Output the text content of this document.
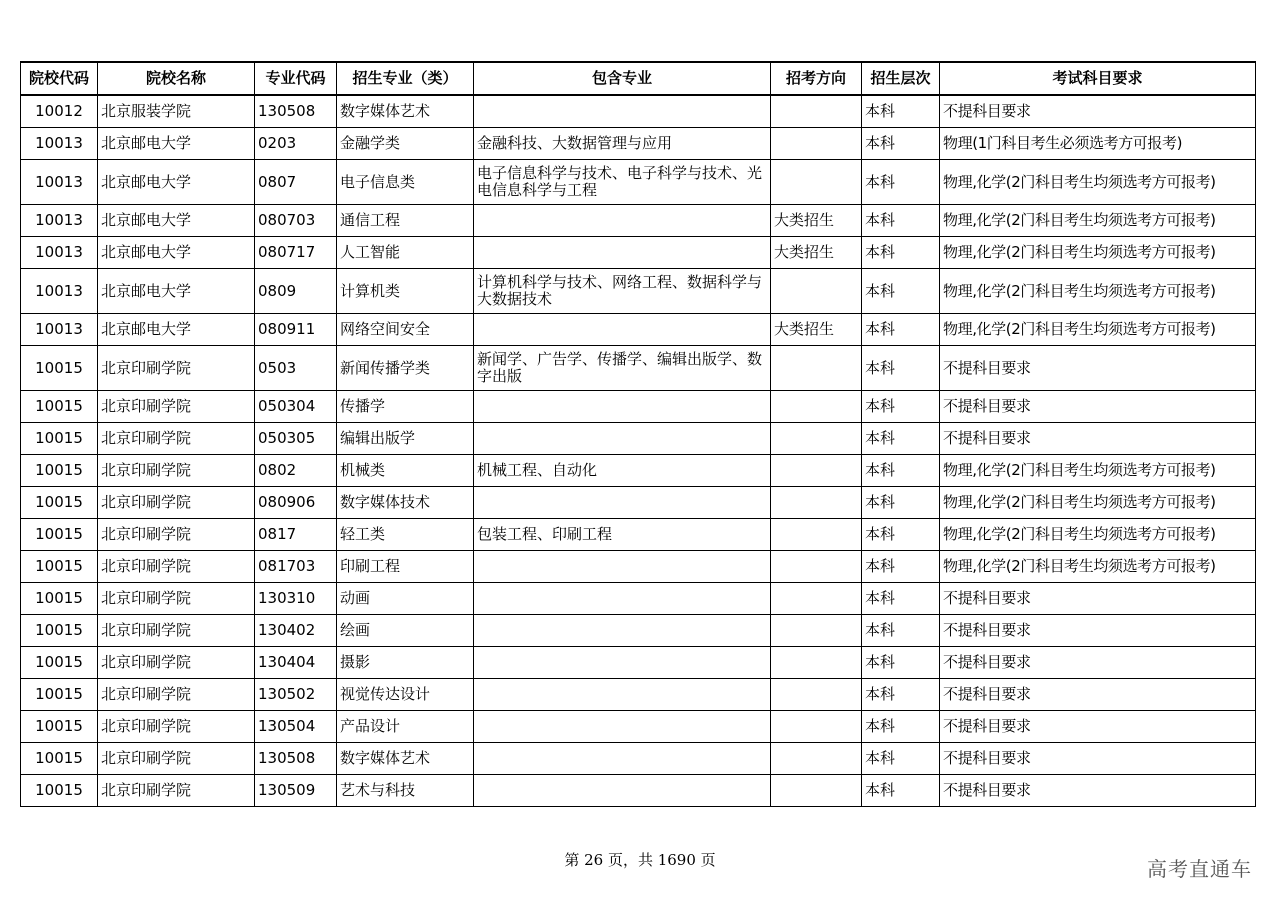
院校代码	院校名称	专业代码	招生专业（类）	包含专业	招考方向	招生层次	考试科目要求
10012	北京服装学院	130508	数字媒体艺术			本科	不提科目要求
10013	北京邮电大学	0203	金融学类	金融科技、大数据管理与应用		本科	物理(1门科目考生必须选考方可报考)
10013	北京邮电大学	0807	电子信息类	电子信息科学与技术、电子科学与技术、光电信息科学与工程		本科	物理,化学(2门科目考生均须选考方可报考)
10013	北京邮电大学	080703	通信工程		大类招生	本科	物理,化学(2门科目考生均须选考方可报考)
10013	北京邮电大学	080717	人工智能		大类招生	本科	物理,化学(2门科目考生均须选考方可报考)
10013	北京邮电大学	0809	计算机类	计算机科学与技术、网络工程、数据科学与大数据技术		本科	物理,化学(2门科目考生均须选考方可报考)
10013	北京邮电大学	080911	网络空间安全		大类招生	本科	物理,化学(2门科目考生均须选考方可报考)
10015	北京印刷学院	0503	新闻传播学类	新闻学、广告学、传播学、编辑出版学、数字出版		本科	不提科目要求
10015	北京印刷学院	050304	传播学			本科	不提科目要求
10015	北京印刷学院	050305	编辑出版学			本科	不提科目要求
10015	北京印刷学院	0802	机械类	机械工程、自动化		本科	物理,化学(2门科目考生均须选考方可报考)
10015	北京印刷学院	080906	数字媒体技术			本科	物理,化学(2门科目考生均须选考方可报考)
10015	北京印刷学院	0817	轻工类	包装工程、印刷工程		本科	物理,化学(2门科目考生均须选考方可报考)
10015	北京印刷学院	081703	印刷工程			本科	物理,化学(2门科目考生均须选考方可报考)
10015	北京印刷学院	130310	动画			本科	不提科目要求
10015	北京印刷学院	130402	绘画			本科	不提科目要求
10015	北京印刷学院	130404	摄影			本科	不提科目要求
10015	北京印刷学院	130502	视觉传达设计			本科	不提科目要求
10015	北京印刷学院	130504	产品设计			本科	不提科目要求
10015	北京印刷学院	130508	数字媒体艺术			本科	不提科目要求
10015	北京印刷学院	130509	艺术与科技			本科	不提科目要求
第 26 页，共 1690 页	高考直通车
